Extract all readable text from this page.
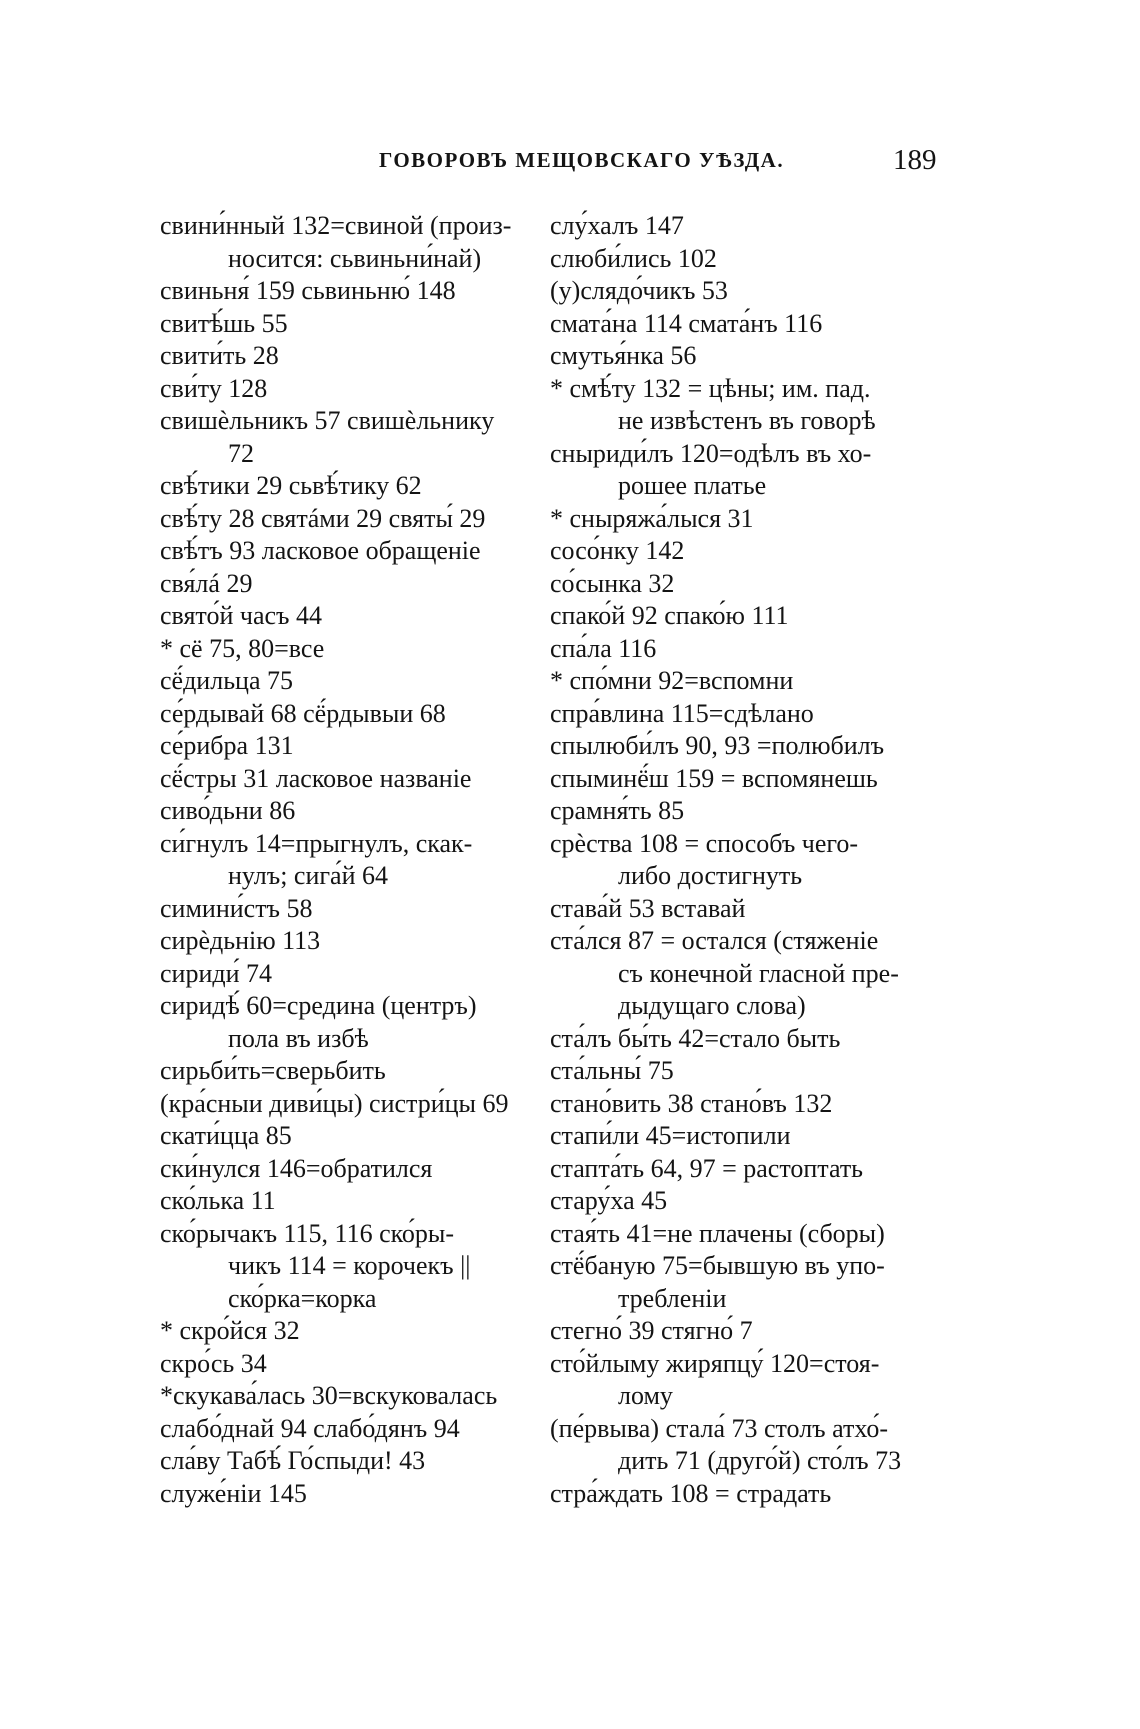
ГОВОРОВЪ МЕЩОВСКАГО УѢЗДА.	189
свини́нный 132=свиной (произ-
носится: сьвиньни́най)
свиньня́ 159 сьвиньню́ 148
свитѣ́шь 55
свити́ть 28
сви́ту 128
свишѐльникъ 57 свишѐльнику
72
свѣ́тики 29 сьвѣ́тику 62
свѣ́ту 28 святáми 29 святы́ 29
свѣ́тъ 93 ласковое обращеніе
свя́лá 29
свято́й часъ 44
* сё 75, 80=все
сё́дильца 75
се́рдывай 68 сё́рдывыи 68
се́рибра 131
сё́стры 31 ласковое названіе
сиво́дьни 86
си́гнулъ 14=прыгнулъ, скак-
нулъ; сига́й 64
симини́стъ 58
сирѐдьнію 113
сириди́ 74
сиридѣ́ 60=средина (центръ)
пола въ избѣ
сирьби́ть=сверьбить
(кра́сныи диви́цы) систри́цы 69
скати́цца 85
ски́нулся 146=обратился
ско́лька 11
ско́рычакъ 115, 116 ско́ры-
чикъ 114 = корочекъ ||
ско́рка=корка
* скро́йся 32
скро́сь 34
*скукава́лась 30=вскуковалась
слабо́днай 94 слабо́дянъ 94
сла́ву Табѣ́ Го́спыди! 43
служе́ніи 145
слу́халъ 147
слюби́лись 102
(у)слядо́чикъ 53
смата́на 114 смата́нъ 116
смутья́нка 56
* смѣ́ту 132 = цѣны; им. пад.
не извѣстенъ въ говорѣ
сныриди́лъ 120=одѣлъ въ хо-
рошее платье
* сныряжа́лыся 31
сосо́нку 142
со́сынка 32
спако́й 92 спако́ю 111
спа́ла 116
* спо́мни 92=вспомни
спра́влина 115=сдѣлано
спылюби́лъ 90, 93 =полюбилъ
спыминё́ш 159 = вспомянешь
срамня́ть 85
срѐства 108 = способъ чего-
либо достигнуть
става́й 53 вставай
ста́лся 87 = остался (стяженіе
съ конечной гласной пре-
дыдущаго слова)
ста́лъ бы́ть 42=стало быть
ста́льны́ 75
стано́вить 38 стано́въ 132
стапи́ли 45=истопили
стапта́ть 64, 97 = растоптать
стару́ха 45
стая́ть 41=не плачены (сборы)
стё́баную 75=бывшую въ упо-
требленіи
стегно́ 39 стягно́ 7
сто́йлыму жиряпцу́ 120=стоя-
лому
(пе́рвыва) стала́ 73 столъ атхо́-
дить 71 (друго́й) сто́лъ 73
стра́ждать 108 = страдать
